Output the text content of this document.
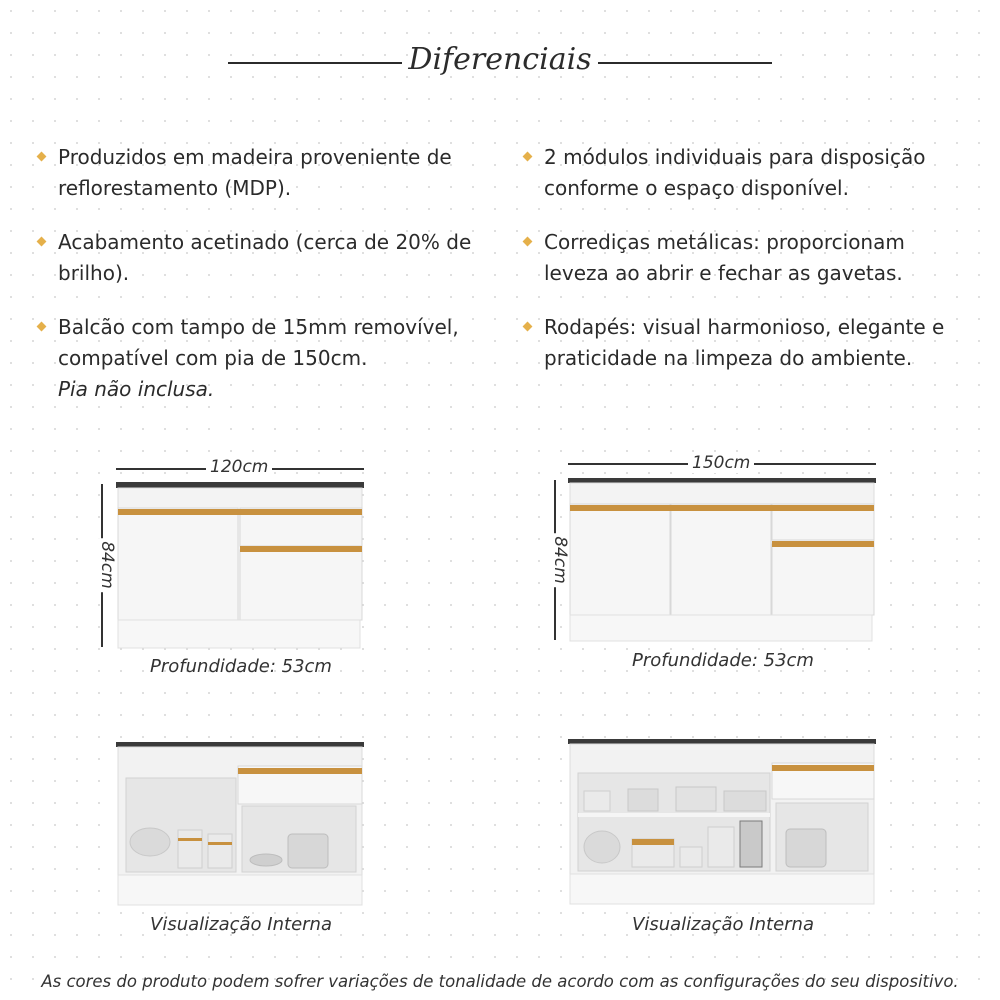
Diferenciais
Produzidos em madeira proveniente de reflorestamento (MDP).
Acabamento acetinado (cerca de 20% de brilho).
Balcão com tampo de 15mm removível, compatível com pia de 150cm.
Pia não inclusa.
2 módulos individuais para disposição conforme o espaço disponível.
Corrediças metálicas: proporcionam leveza ao abrir e fechar as gavetas.
Rodapés: visual harmonioso, elegante e praticidade na limpeza do ambiente.
120cm
84cm
Profundidade: 53cm
150cm
84cm
Profundidade: 53cm
Visualização Interna	Visualização Interna
As cores do produto podem sofrer variações de tonalidade de acordo com as configurações do seu dispositivo.
